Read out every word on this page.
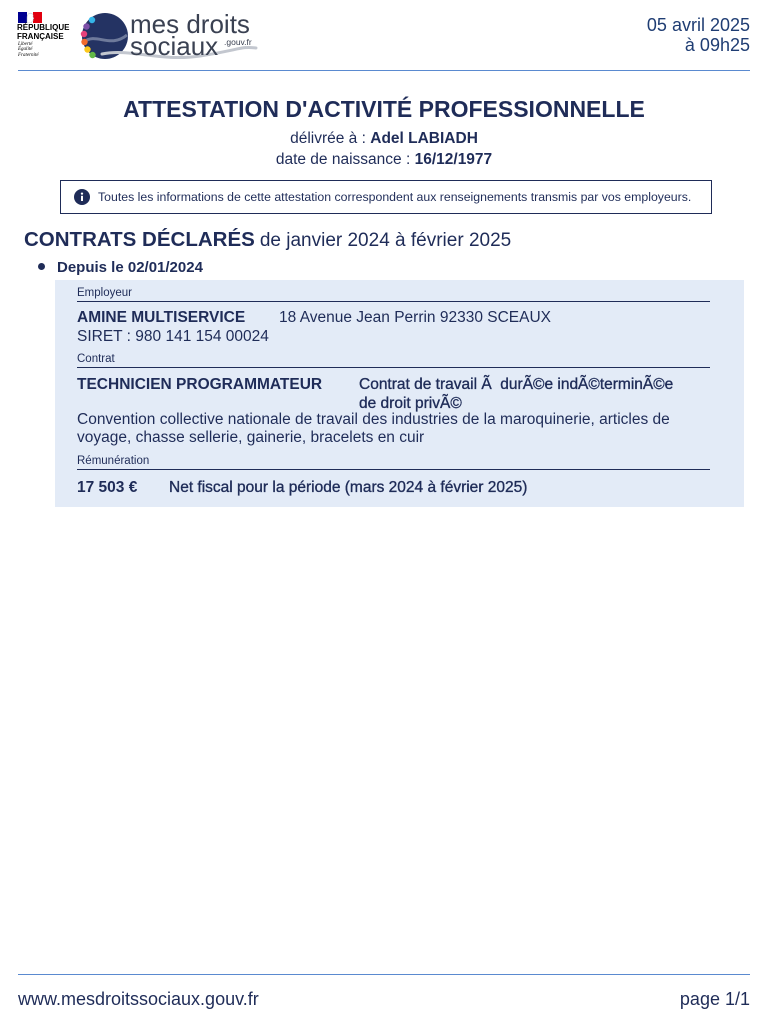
RÉPUBLIQUE
FRANÇAISE
Liberté
Égalité
Fraternité
mes droits
sociaux .gouv.fr
05 avril 2025
à 09h25
ATTESTATION D'ACTIVITÉ PROFESSIONNELLE
délivrée à : Adel LABIADH
date de naissance : 16/12/1977
Toutes les informations de cette attestation correspondent aux renseignements transmis par vos employeurs.
CONTRATS DÉCLARÉS de janvier 2024 à février 2025
Depuis le 02/01/2024
Employeur
AMINE MULTISERVICE 18 Avenue Jean Perrin 92330 SCEAUX
SIRET : 980 141 154 00024
Contrat
TECHNICIEN PROGRAMMATEUR Contrat de travail Ã  durÃ©e indÃ©terminÃ©e de droit privÃ©
Convention collective nationale de travail des industries de la maroquinerie, articles de voyage, chasse sellerie, gainerie, bracelets en cuir
Rémunération
17 503 € Net fiscal pour la période (mars 2024 à février 2025)
www.mesdroitssociaux.gouv.fr	page 1/1
